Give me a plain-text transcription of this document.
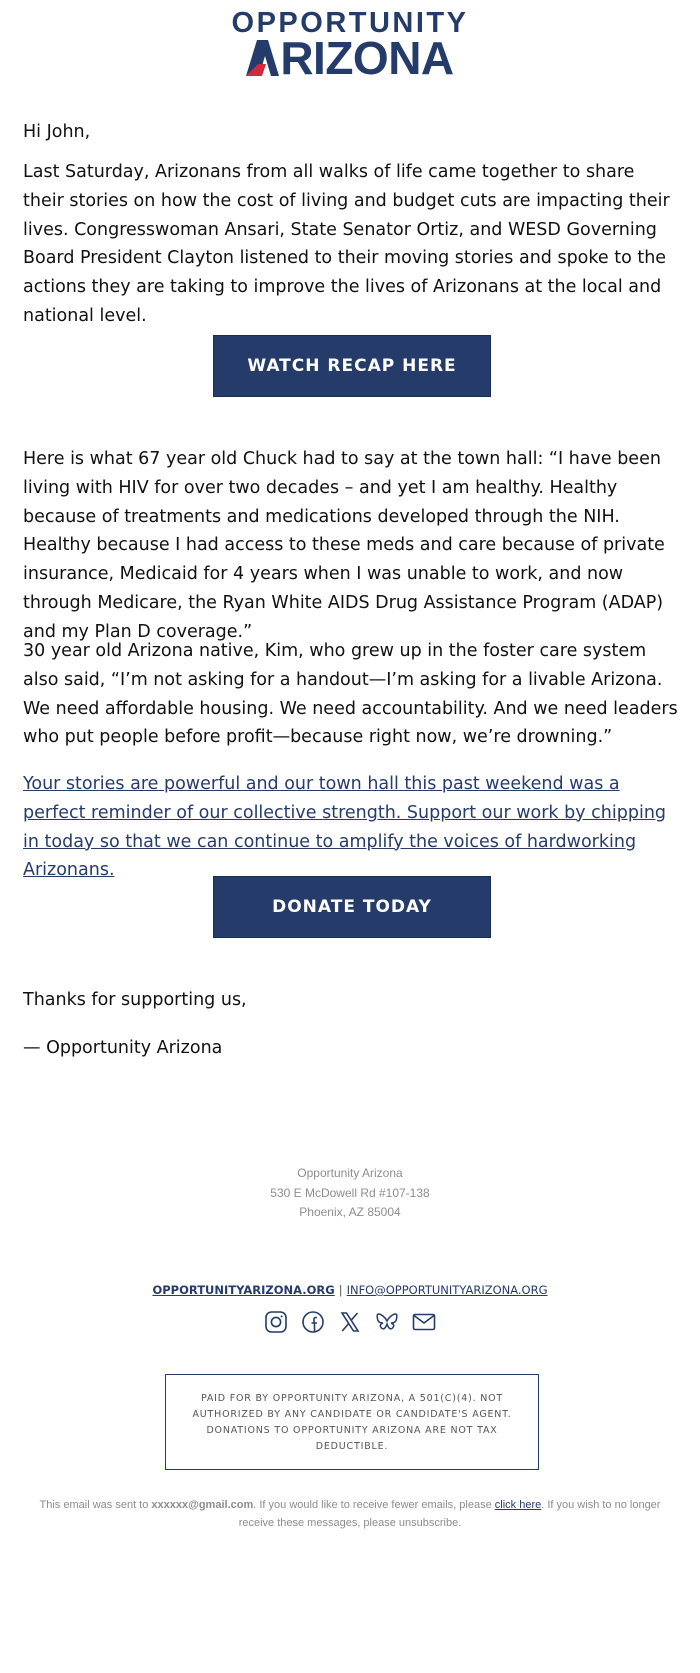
OPPORTUNITY
RIZONA
Hi John,
Last Saturday, Arizonans from all walks of life came together to share their stories on how the cost of living and budget cuts are impacting their lives. Congresswoman Ansari, State Senator Ortiz, and WESD Governing Board President Clayton listened to their moving stories and spoke to the actions they are taking to improve the lives of Arizonans at the local and national level.
WATCH RECAP HERE
Here is what 67 year old Chuck had to say at the town hall: “I have been living with HIV for over two decades – and yet I am healthy. Healthy because of treatments and medications developed through the NIH. Healthy because I had access to these meds and care because of private insurance, Medicaid for 4 years when I was unable to work, and now through Medicare, the Ryan White AIDS Drug Assistance Program (ADAP) and my Plan D coverage.”
30 year old Arizona native, Kim, who grew up in the foster care system also said, “I’m not asking for a handout—I’m asking for a livable Arizona. We need affordable housing. We need accountability. And we need leaders who put people before profit—because right now, we’re drowning.”
Your stories are powerful and our town hall this past weekend was a perfect reminder of our collective strength. Support our work by chipping in today so that we can continue to amplify the voices of hardworking Arizonans.
DONATE TODAY
Thanks for supporting us,
— Opportunity Arizona
Opportunity Arizona
530 E McDowell Rd #107-138
Phoenix, AZ 85004
OPPORTUNITYARIZONA.ORG | INFO@OPPORTUNITYARIZONA.ORG
PAID FOR BY OPPORTUNITY ARIZONA, A 501(C)(4). NOT AUTHORIZED BY ANY CANDIDATE OR CANDIDATE'S AGENT. DONATIONS TO OPPORTUNITY ARIZONA ARE NOT TAX DEDUCTIBLE.
This email was sent to xxxxxx@gmail.com. If you would like to receive fewer emails, please click here. If you wish to no longer receive these messages, please unsubscribe.
